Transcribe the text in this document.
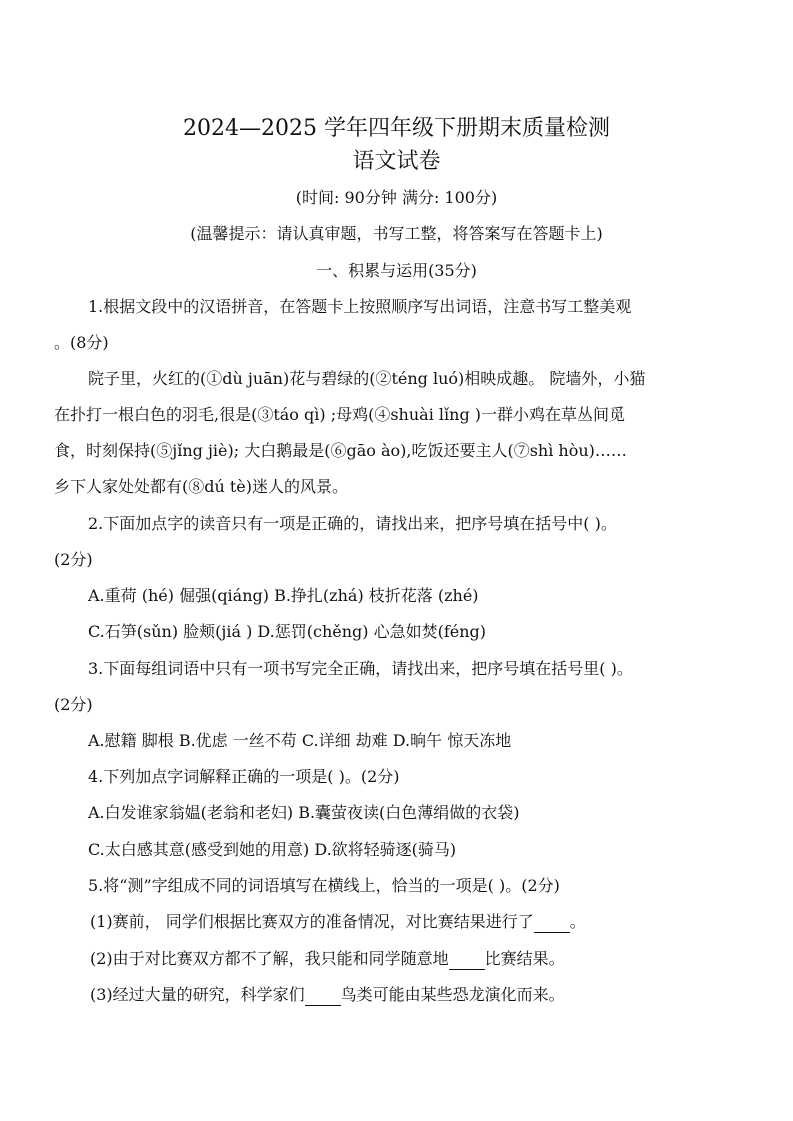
2024—2025 学年四年级下册期末质量检测
语文试卷
(时间: 90分钟 满分: 100分)
(温馨提示：请认真审题，书写工整，将答案写在答题卡上)
一、积累与运用(35分)
1.根据文段中的汉语拼音，在答题卡上按照顺序写出词语，注意书写工整美观
。(8分)
院子里，火红的(①dù juān)花与碧绿的(②téng luó)相映成趣。 院墙外，小猫
在扑打一根白色的羽毛,很是(③táo qì) ;母鸡(④shuài lǐng )一群小鸡在草丛间觅
食，时刻保持(⑤jǐng jiè); 大白鹅最是(⑥gāo ào),吃饭还要主人(⑦shì hòu)……
乡下人家处处都有(⑧dú tè)迷人的风景。
2.下面加点字的读音只有一项是正确的，请找出来，把序号填在括号中( )。
(2分)
A.重荷 (hé) 倔强(qiáng) B.挣扎(zhá) 枝折花落 (zhé)
C.石笋(sǔn) 脸颊(jiá ) D.惩罚(chěng) 心急如焚(féng)
3.下面每组词语中只有一项书写完全正确，请找出来，把序号填在括号里( )。
(2分)
A.慰籍 脚根 B.优虑 一丝不苟 C.详细 劫难 D.晌午 惊天冻地
4.下列加点字词解释正确的一项是( )。(2分)
A.白发谁家翁媪(老翁和老妇) B.囊萤夜读(白色薄绢做的衣袋)
C.太白感其意(感受到她的用意) D.欲将轻骑逐(骑马)
5.将“测”字组成不同的词语填写在横线上，恰当的一项是( )。(2分)
(1)赛前， 同学们根据比赛双方的准备情况，对比赛结果进行了 。
(2)由于对比赛双方都不了解，我只能和同学随意地 比赛结果。
(3)经过大量的研究，科学家们 鸟类可能由某些恐龙演化而来。
